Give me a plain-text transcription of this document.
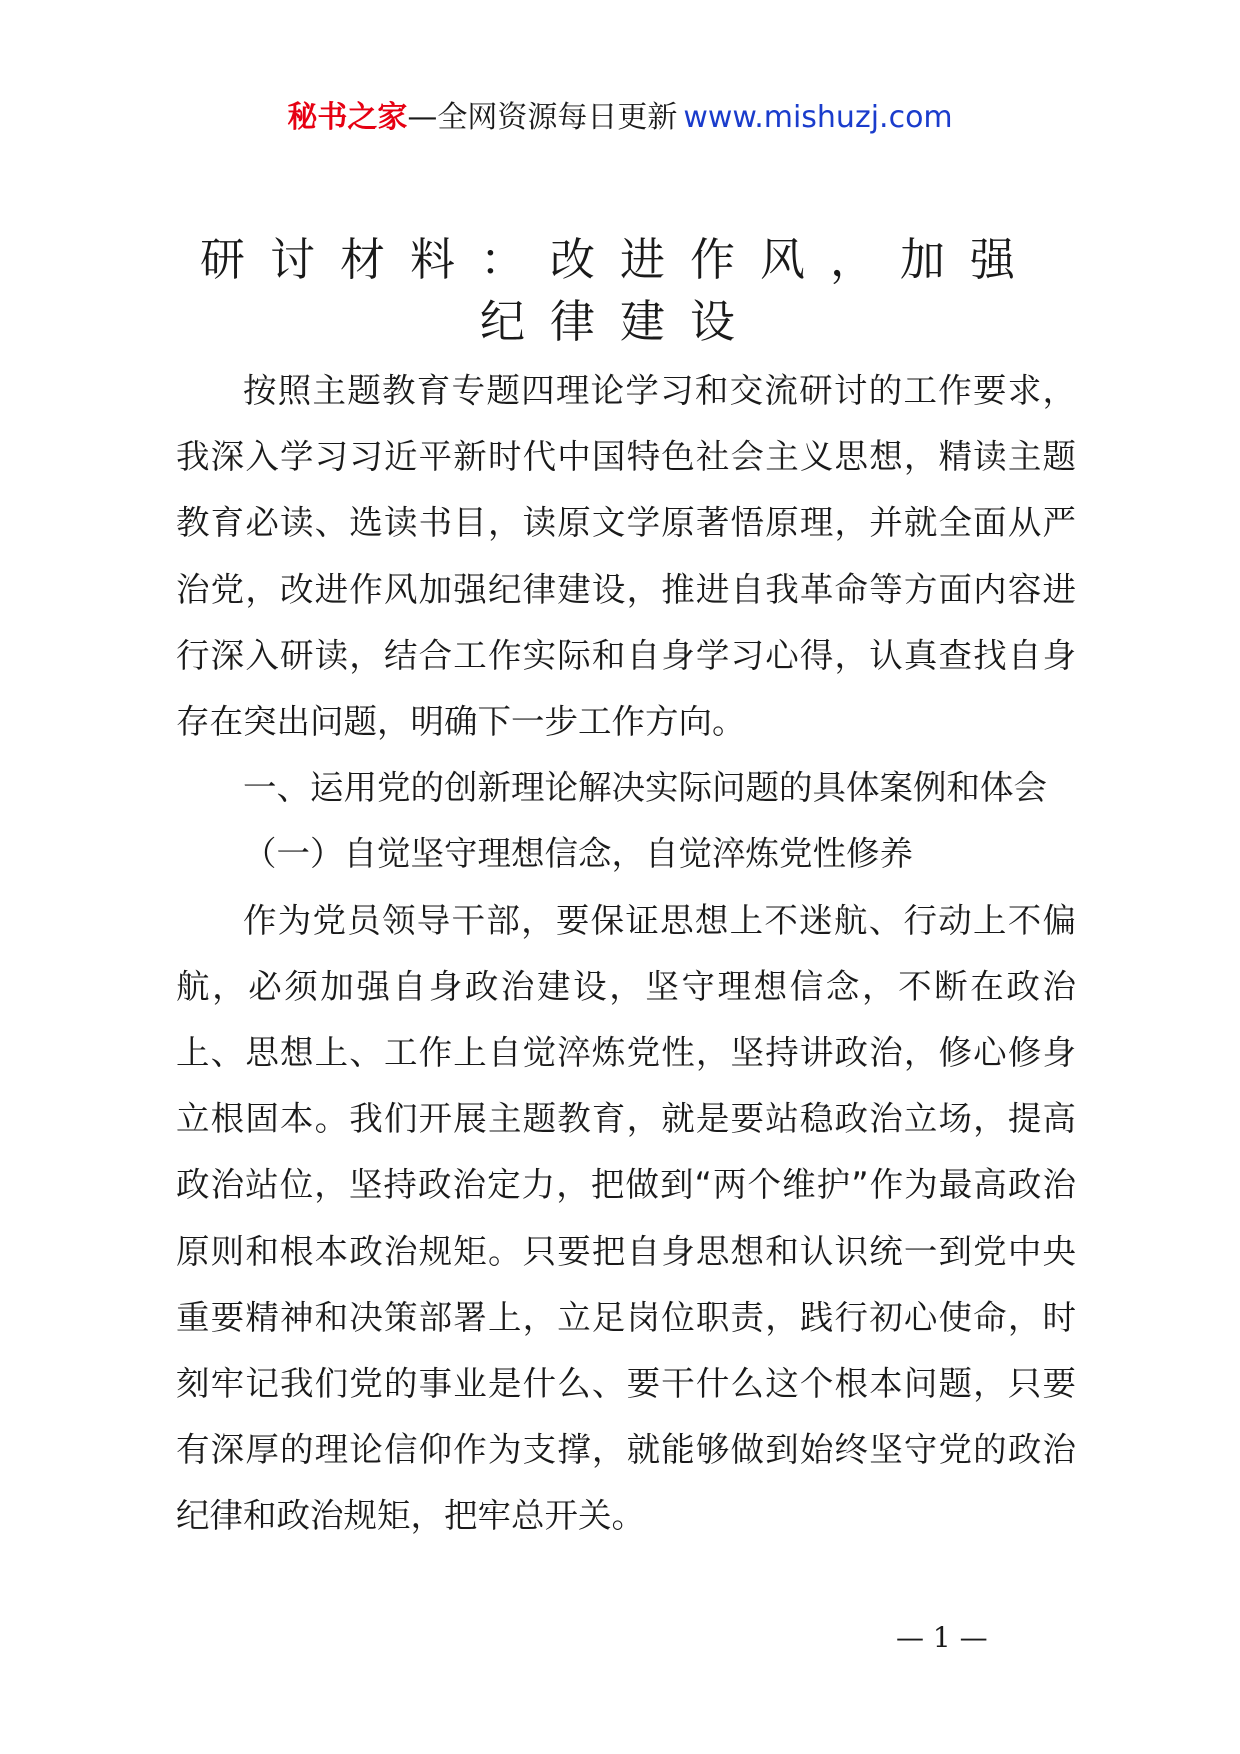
秘书之家—全网资源每日更新 www.mishuzj.com
研讨材料：改进作风，加强
纪律建设

按照主题教育专题四理论学习和交流研讨的工作要求，我深入学习习近平新时代中国特色社会主义思想，精读主题教育必读、选读书目，读原文学原著悟原理，并就全面从严治党，改进作风加强纪律建设，推进自我革命等方面内容进行深入研读，结合工作实际和自身学习心得，认真查找自身存在突出问题，明确下一步工作方向。

一、运用党的创新理论解决实际问题的具体案例和体会

（一）自觉坚守理想信念，自觉淬炼党性修养

作为党员领导干部，要保证思想上不迷航、行动上不偏航，必须加强自身政治建设，坚守理想信念，不断在政治上、思想上、工作上自觉淬炼党性，坚持讲政治，修心修身立根固本。我们开展主题教育，就是要站稳政治立场，提高政治站位，坚持政治定力，把做到“两个维护”作为最高政治原则和根本政治规矩。只要把自身思想和认识统一到党中央重要精神和决策部署上，立足岗位职责，践行初心使命，时刻牢记我们党的事业是什么、要干什么这个根本问题，只要有深厚的理论信仰作为支撑，就能够做到始终坚守党的政治纪律和政治规矩，把牢总开关。

— 1 —
